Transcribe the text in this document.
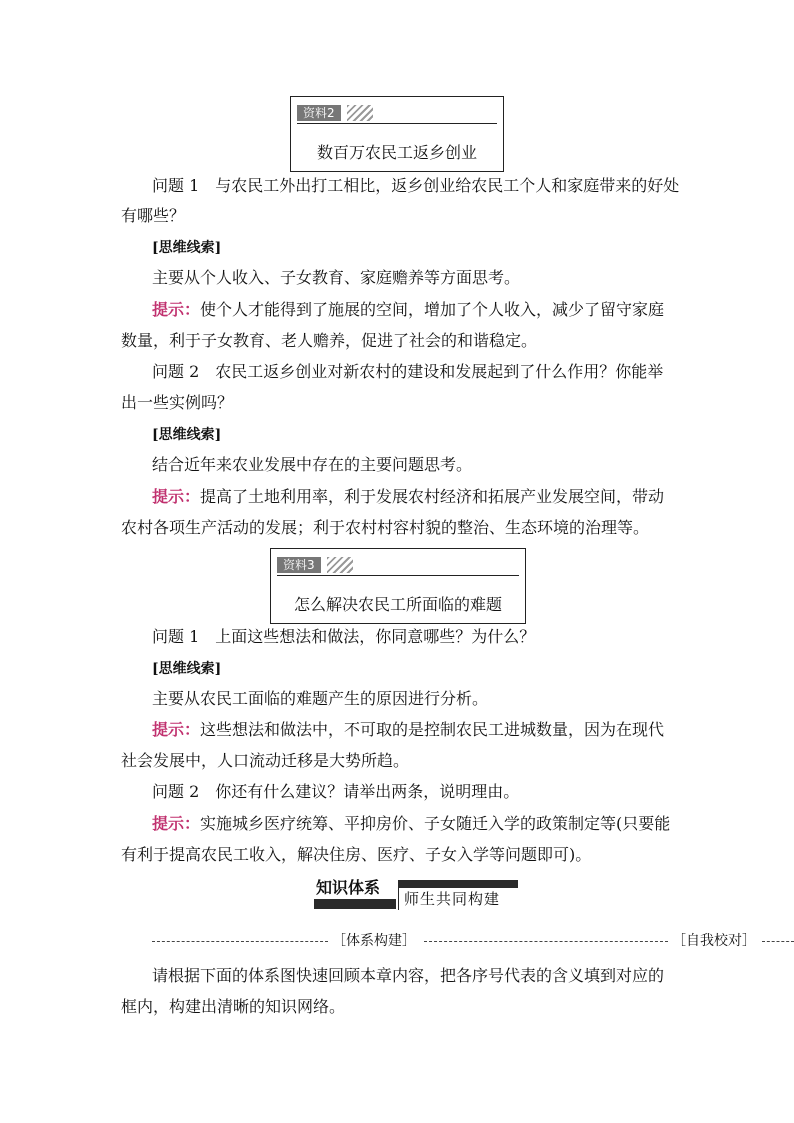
资料2
数百万农民工返乡创业
问题 1　与农民工外出打工相比，返乡创业给农民工个人和家庭带来的好处
有哪些？
[思维线索]
主要从个人收入、子女教育、家庭赡养等方面思考。
提示：使个人才能得到了施展的空间，增加了个人收入，减少了留守家庭
数量，利于子女教育、老人赡养，促进了社会的和谐稳定。
问题 2　农民工返乡创业对新农村的建设和发展起到了什么作用？你能举
出一些实例吗？
[思维线索]
结合近年来农业发展中存在的主要问题思考。
提示：提高了土地利用率，利于发展农村经济和拓展产业发展空间，带动
农村各项生产活动的发展；利于农村村容村貌的整治、生态环境的治理等。
资料3
怎么解决农民工所面临的难题
问题 1　上面这些想法和做法，你同意哪些？为什么？
[思维线索]
主要从农民工面临的难题产生的原因进行分析。
提示：这些想法和做法中，不可取的是控制农民工进城数量，因为在现代
社会发展中，人口流动迁移是大势所趋。
问题 2　你还有什么建议？请举出两条，说明理由。
提示：实施城乡医疗统筹、平抑房价、子女随迁入学的政策制定等(只要能
有利于提高农民工收入，解决住房、医疗、子女入学等问题即可)。
知识体系
师生共同构建
［体系构建］	［自我校对］
请根据下面的体系图快速回顾本章内容，把各序号代表的含义填到对应的
框内，构建出清晰的知识网络。
